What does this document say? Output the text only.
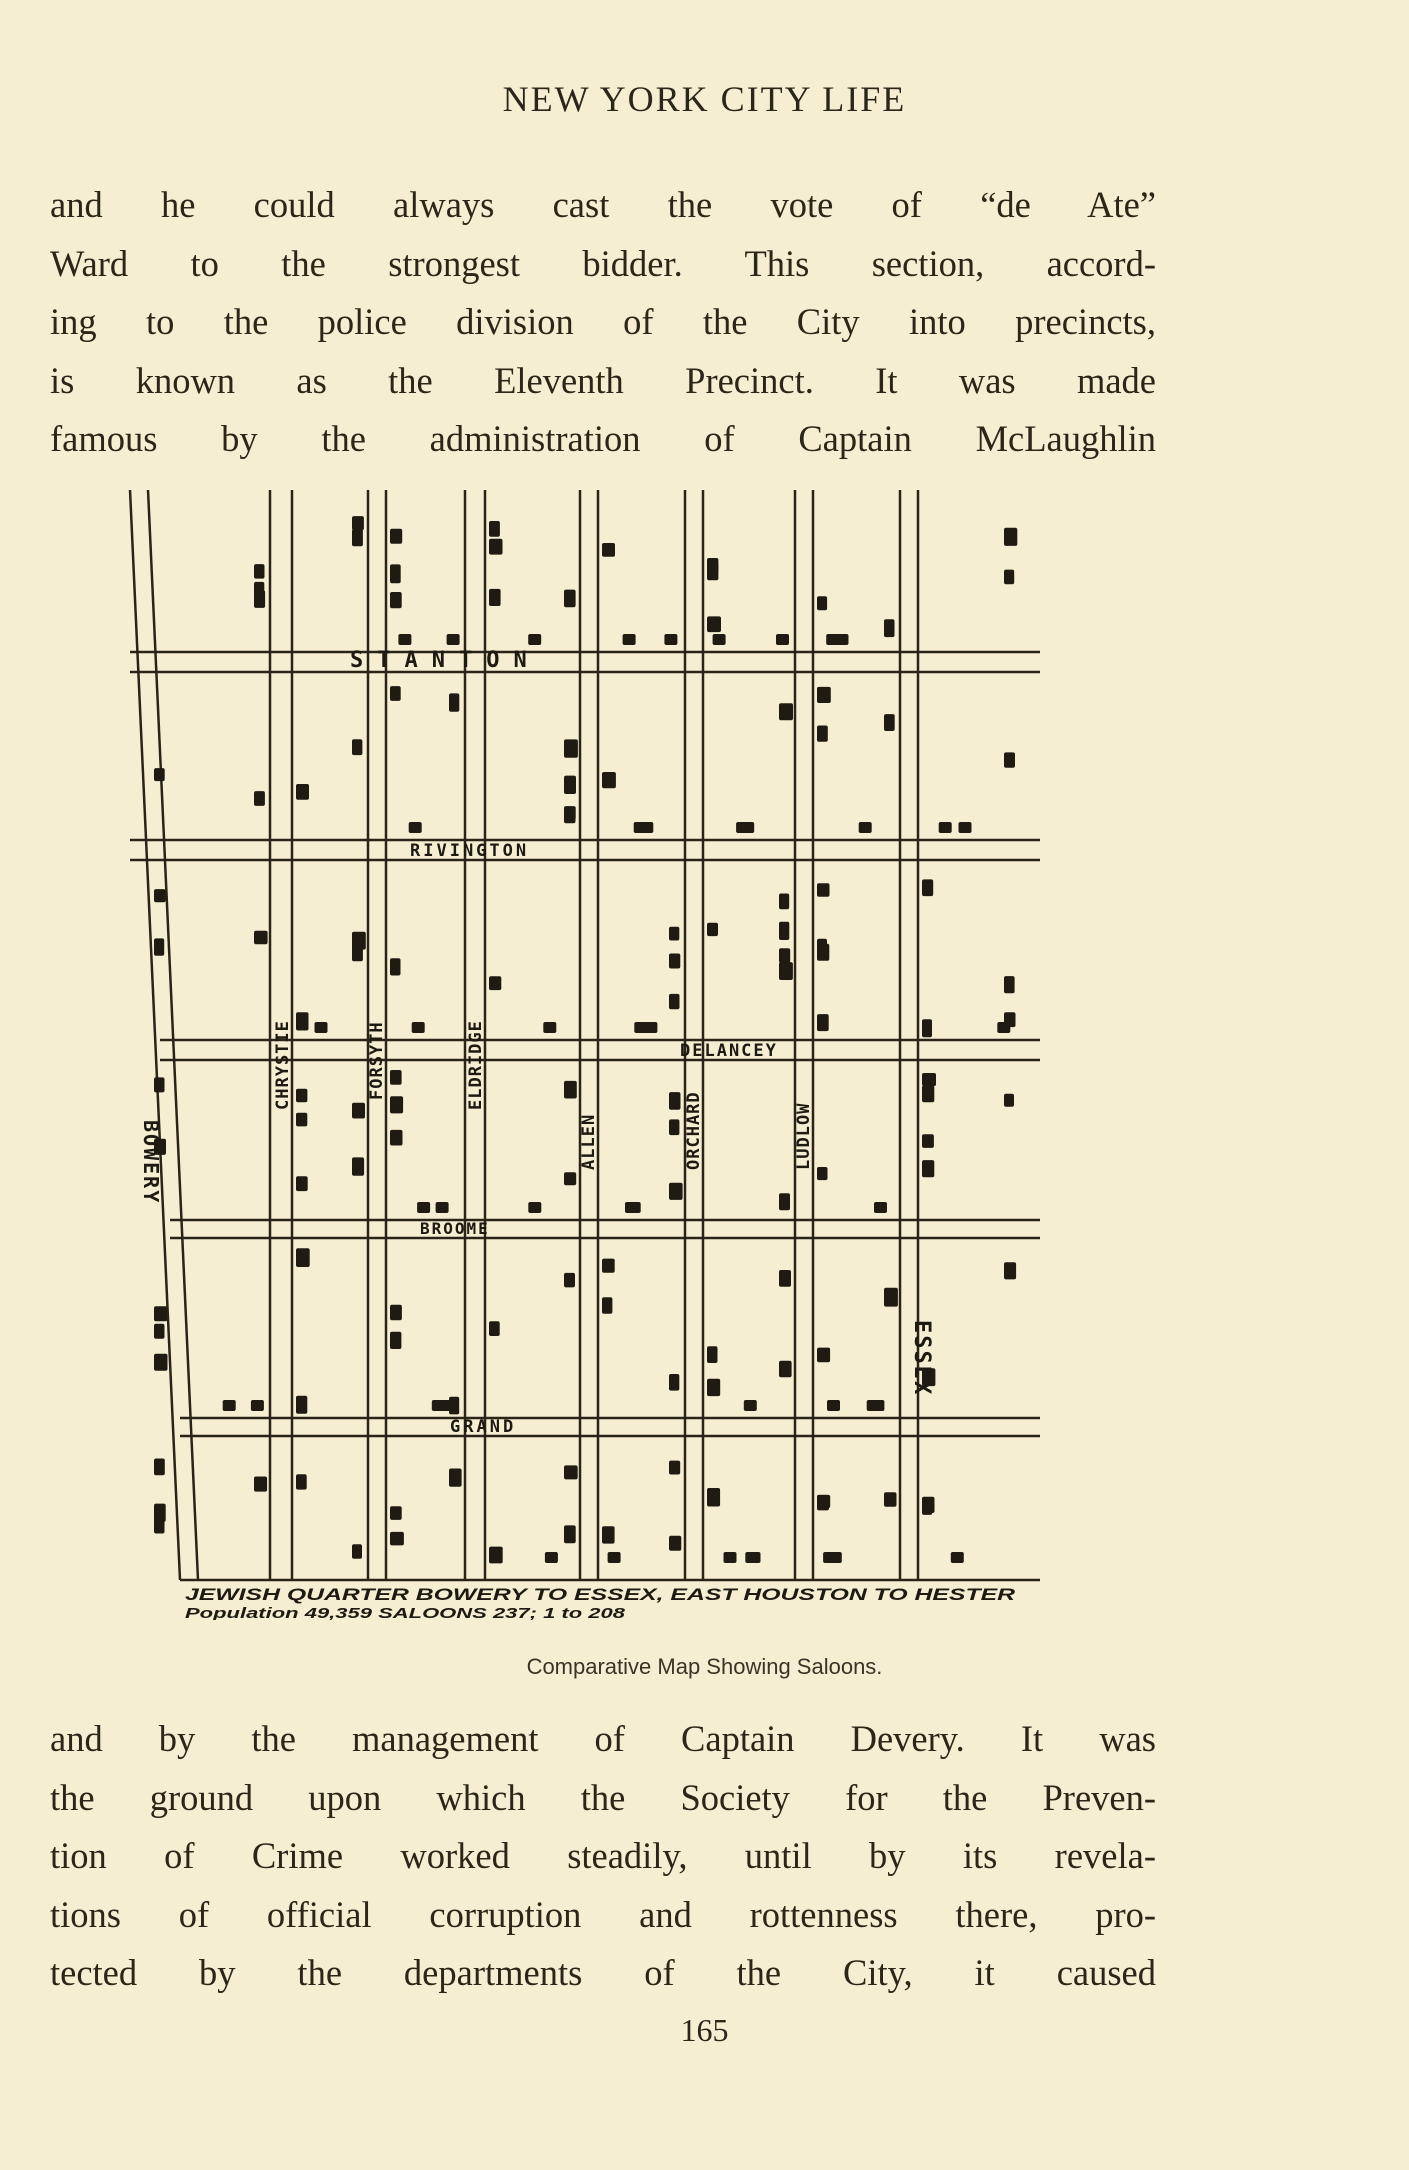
NEW YORK CITY LIFE
and he could always cast the vote of “de Ate”
Ward to the strongest bidder. This section, accord-
ing to the police division of the City into precincts,
is known as the Eleventh Precinct. It was made
famous by the administration of Captain McLaughlin
STANTON
RIVINGTON
DELANCEY
BROOME
GRAND
BOWERY
CHRYSTIE	FORSYTH	ELDRIDGE
ALLEN	ORCHARD	LUDLOW
ESSEX
JEWISH QUARTER BOWERY TO ESSEX, EAST HOUSTON TO HESTER
Population 49,359 SALOONS 237; 1 to 208
Comparative Map Showing Saloons.
and by the management of Captain Devery. It was
the ground upon which the Society for the Preven-
tion of Crime worked steadily, until by its revela-
tions of official corruption and rottenness there, pro-
tected by the departments of the City, it caused
165
